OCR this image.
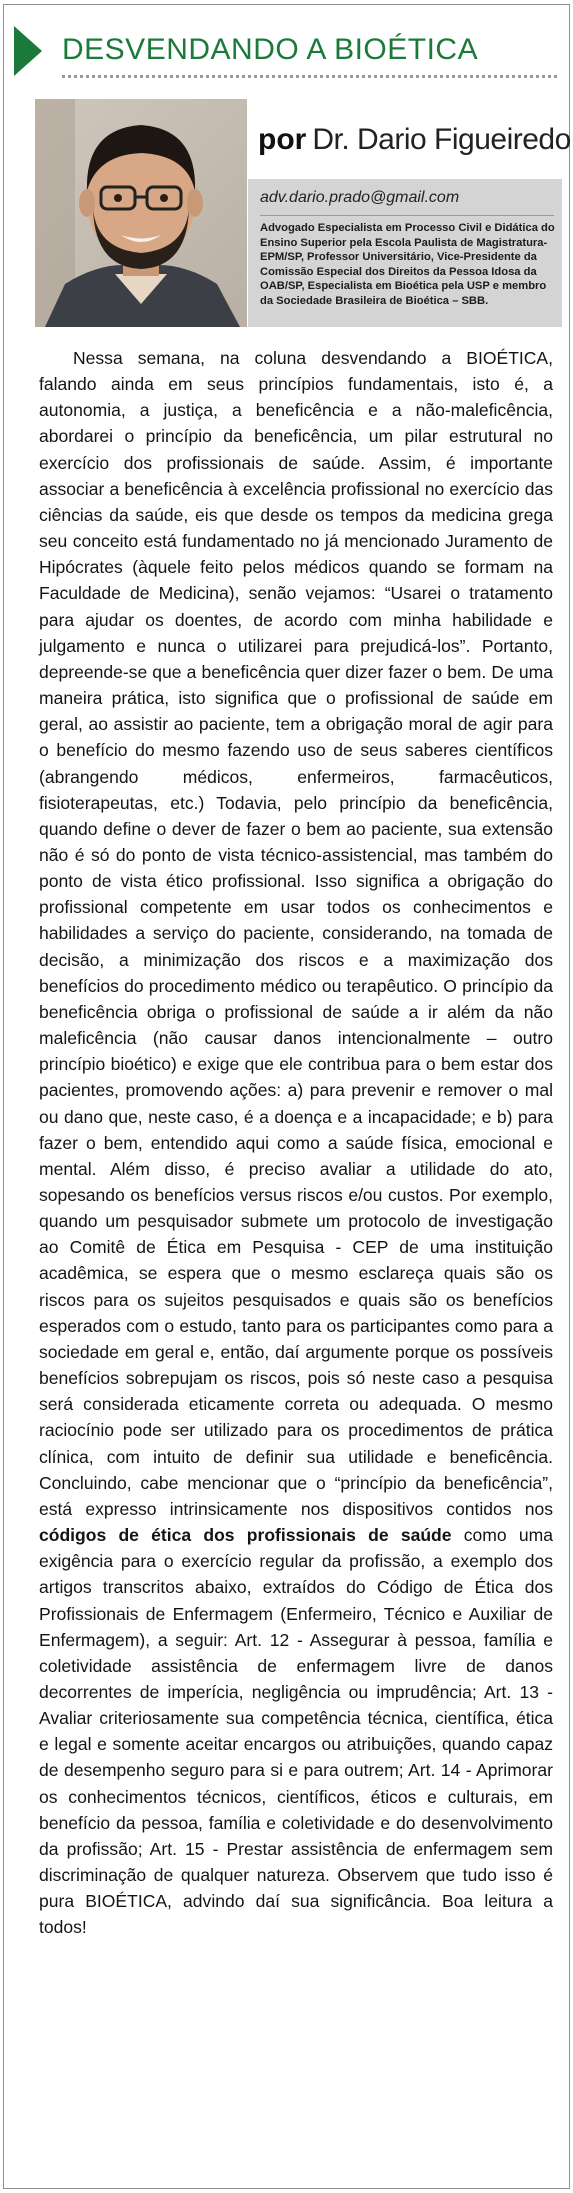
DESVENDANDO A BIOÉTICA
por Dr. Dario Figueiredo
adv.dario.prado@gmail.com
Advogado Especialista em Processo Civil e Didática do Ensino Superior pela Escola Paulista de Magistratura-EPM/SP, Professor Universitário, Vice-Presidente da Comissão Especial dos Direitos da Pessoa Idosa da OAB/SP, Especialista em Bioética pela USP e membro da Sociedade Brasileira de Bioética – SBB.

Nessa semana, na coluna desvendando a BIOÉTICA, falando ainda em seus princípios fundamentais, isto é, a autonomia, a justiça, a beneficência e a não-maleficência, abordarei o princípio da beneficência, um pilar estrutural no exercício dos profissionais de saúde. Assim, é importante associar a beneficência à excelência profissional no exercício das ciências da saúde, eis que desde os tempos da medicina grega seu conceito está fundamentado no já mencionado Juramento de Hipócrates (àquele feito pelos médicos quando se formam na Faculdade de Medicina), senão vejamos: “Usarei o tratamento para ajudar os doentes, de acordo com minha habilidade e julgamento e nunca o utilizarei para prejudicá-los”. Portanto, depreende-se que a beneficência quer dizer fazer o bem. De uma maneira prática, isto significa que o profissional de saúde em geral, ao assistir ao paciente, tem a obrigação moral de agir para o benefício do mesmo fazendo uso de seus saberes científicos (abrangendo médicos, enfermeiros, farmacêuticos, fisioterapeutas, etc.) Todavia, pelo princípio da beneficência, quando define o dever de fazer o bem ao paciente, sua extensão não é só do ponto de vista técnico-assistencial, mas também do ponto de vista ético profissional. Isso significa a obrigação do profissional competente em usar todos os conhecimentos e habilidades a serviço do paciente, considerando, na tomada de decisão, a minimização dos riscos e a maximização dos benefícios do procedimento médico ou terapêutico. O princípio da beneficência obriga o profissional de saúde a ir além da não maleficência (não causar danos intencionalmente – outro princípio bioético) e exige que ele contribua para o bem estar dos pacientes, promovendo ações: a) para prevenir e remover o mal ou dano que, neste caso, é a doença e a incapacidade; e b) para fazer o bem, entendido aqui como a saúde física, emocional e mental. Além disso, é preciso avaliar a utilidade do ato, sopesando os benefícios versus riscos e/ou custos. Por exemplo, quando um pesquisador submete um protocolo de investigação ao Comitê de Ética em Pesquisa - CEP de uma instituição acadêmica, se espera que o mesmo esclareça quais são os riscos para os sujeitos pesquisados e quais são os benefícios esperados com o estudo, tanto para os participantes como para a sociedade em geral e, então, daí argumente porque os possíveis benefícios sobrepujam os riscos, pois só neste caso a pesquisa será considerada eticamente correta ou adequada. O mesmo raciocínio pode ser utilizado para os procedimentos de prática clínica, com intuito de definir sua utilidade e beneficência. Concluindo, cabe mencionar que o “princípio da beneficência”, está expresso intrinsicamente nos dispositivos contidos nos códigos de ética dos profissionais de saúde como uma exigência para o exercício regular da profissão, a exemplo dos artigos transcritos abaixo, extraídos do Código de Ética dos Profissionais de Enfermagem (Enfermeiro, Técnico e Auxiliar de Enfermagem), a seguir: Art. 12 - Assegurar à pessoa, família e coletividade assistência de enfermagem livre de danos decorrentes de imperícia, negligência ou imprudência; Art. 13 - Avaliar criteriosamente sua competência técnica, científica, ética e legal e somente aceitar encargos ou atribuições, quando capaz de desempenho seguro para si e para outrem; Art. 14 - Aprimorar os conhecimentos técnicos, científicos, éticos e culturais, em benefício da pessoa, família e coletividade e do desenvolvimento da profissão; Art. 15 - Prestar assistência de enfermagem sem discriminação de qualquer natureza. Observem que tudo isso é pura BIOÉTICA, advindo daí sua significância. Boa leitura a todos!
